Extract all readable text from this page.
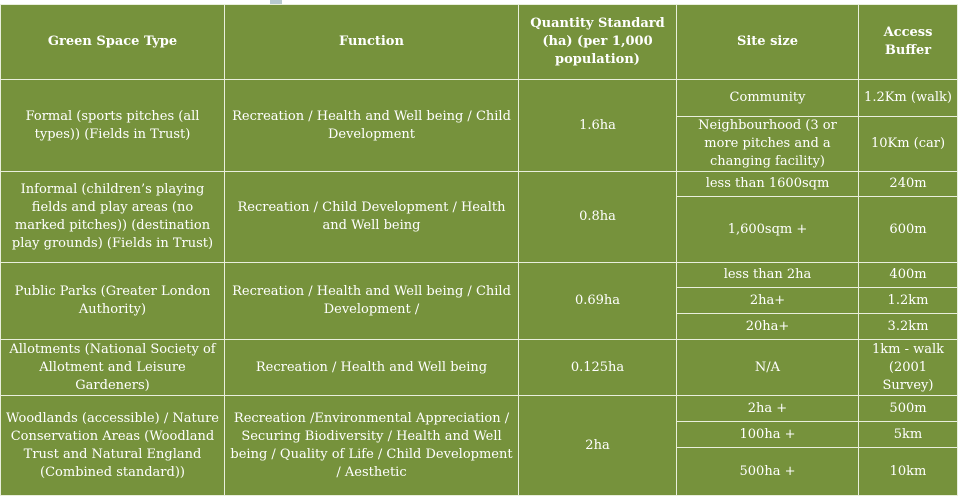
Green Space Type	Function	Quantity Standard (ha) (per 1,000 population)	Site size	Access Buffer
Formal (sports pitches (all types)) (Fields in Trust)	Recreation / Health and Well being / Child Development	1.6ha	Community	1.2Km (walk)
			Neighbourhood (3 or more pitches and a changing facility)	10Km (car)
Informal (children’s playing fields and play areas (no marked pitches)) (destination play grounds) (Fields in Trust)	Recreation / Child Development / Health and Well being	0.8ha	less than 1600sqm	240m
			1,600sqm +	600m
Public Parks (Greater London Authority)	Recreation / Health and Well being / Child Development /	0.69ha	less than 2ha	400m
			2ha+	1.2km
			20ha+	3.2km
Allotments (National Society of Allotment and Leisure Gardeners)	Recreation / Health and Well being	0.125ha	N/A	1km - walk (2001 Survey)
Woodlands (accessible) / Nature Conservation Areas (Woodland Trust and Natural England (Combined standard))	Recreation /Environmental Appreciation / Securing Biodiversity / Health and Well being / Quality of Life / Child Development / Aesthetic	2ha	2ha +	500m
			100ha +	5km
			500ha +	10km
